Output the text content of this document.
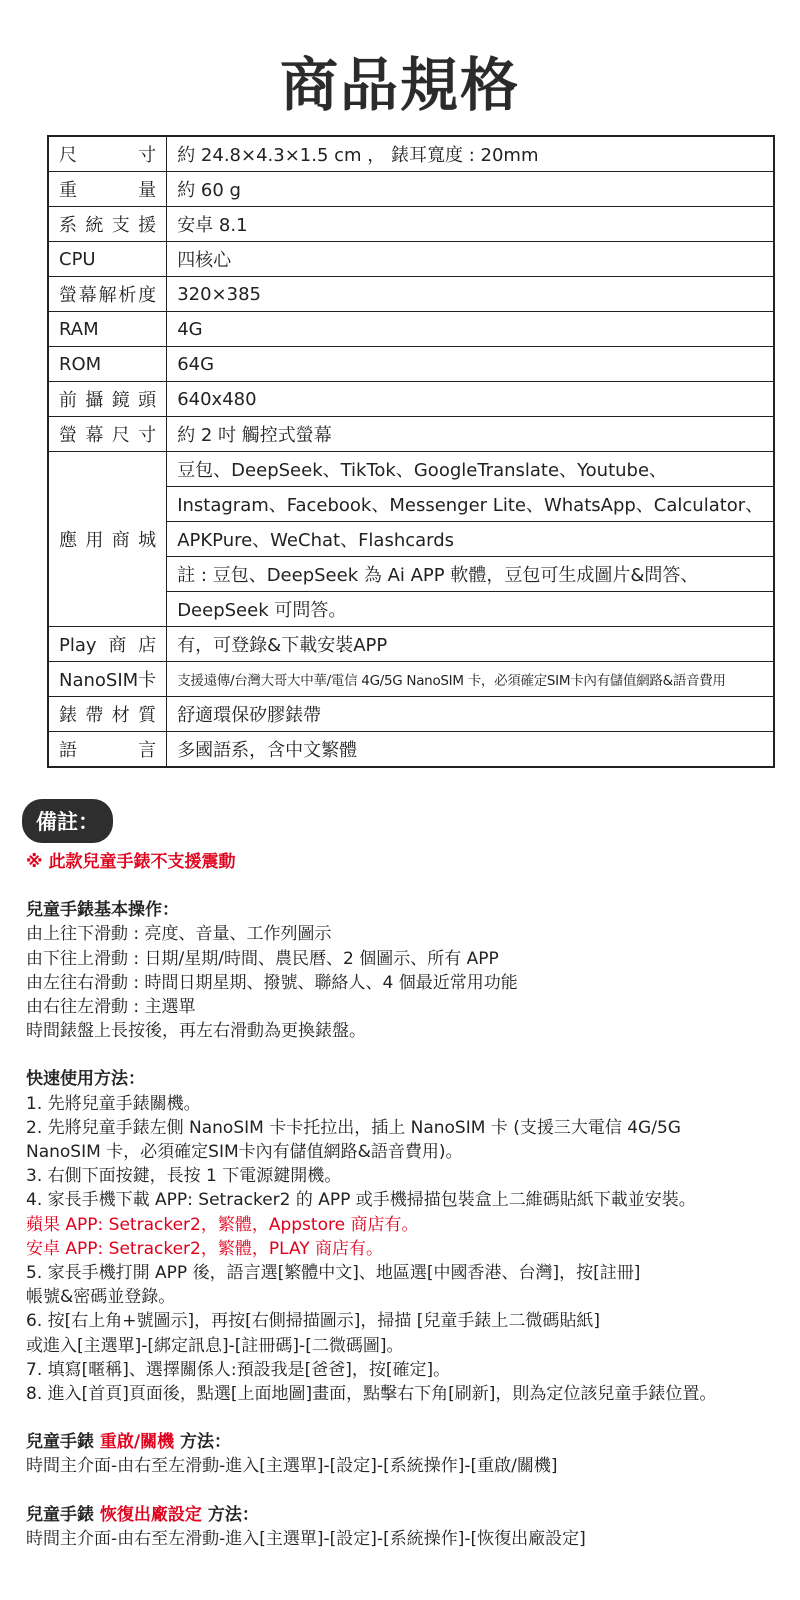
商品規格
尺寸	約 24.8×4.3×1.5 cm ， 錶耳寬度 : 20mm
重量	約 60 g
系統支援	安卓 8.1
CPU	四核心
螢幕解析度	320×385
RAM	4G
ROM	64G
前攝鏡頭	640x480
螢幕尺寸	約 2 吋 觸控式螢幕
應用商城	豆包、DeepSeek、TikTok、GoogleTranslate、Youtube、
	Instagram、Facebook、Messenger Lite、WhatsApp、Calculator、
	APKPure、WeChat、Flashcards
	註 : 豆包、DeepSeek 為 Ai APP 軟體，豆包可生成圖片&問答、
	DeepSeek 可問答。
Play商店	有，可登錄&下載安裝APP
NanoSIM卡	支援遠傳/台灣大哥大中華/電信 4G/5G NanoSIM 卡，必須確定SIM卡內有儲值網路&語音費用
錶帶材質	舒適環保矽膠錶帶
語言	多國語系，含中文繁體
備註：
※ 此款兒童手錶不支援震動
兒童手錶基本操作：
由上往下滑動 : 亮度、音量、工作列圖示
由下往上滑動 : 日期/星期/時間、農民曆、2 個圖示、所有 APP
由左往右滑動 : 時間日期星期、撥號、聯絡人、4 個最近常用功能
由右往左滑動 : 主選單
時間錶盤上長按後，再左右滑動為更換錶盤。
快速使用方法：
1. 先將兒童手錶關機。
2. 先將兒童手錶左側 NanoSIM 卡卡托拉出，插上 NanoSIM 卡 (支援三大電信 4G/5G
NanoSIM 卡，必須確定SIM卡內有儲值網路&語音費用)。
3. 右側下面按鍵，長按 1 下電源鍵開機。
4. 家長手機下載 APP: Setracker2 的 APP 或手機掃描包裝盒上二維碼貼紙下載並安裝。
蘋果 APP: Setracker2，繁體，Appstore 商店有。
安卓 APP: Setracker2，繁體，PLAY 商店有。
5. 家長手機打開 APP 後，語言選[繁體中文]、地區選[中國香港、台灣]，按[註冊]
帳號&密碼並登錄。
6. 按[右上角+號圖示]，再按[右側掃描圖示]，掃描 [兒童手錶上二微碼貼紙]
或進入[主選單]-[綁定訊息]-[註冊碼]-[二微碼圖]。
7. 填寫[暱稱]、選擇關係人:預設我是[爸爸]，按[確定]。
8. 進入[首頁]頁面後，點選[上面地圖]畫面，點擊右下角[刷新]，則為定位該兒童手錶位置。
兒童手錶 重啟/關機 方法：
時間主介面-由右至左滑動-進入[主選單]-[設定]-[系統操作]-[重啟/關機]
兒童手錶 恢復出廠設定 方法：
時間主介面-由右至左滑動-進入[主選單]-[設定]-[系統操作]-[恢復出廠設定]
